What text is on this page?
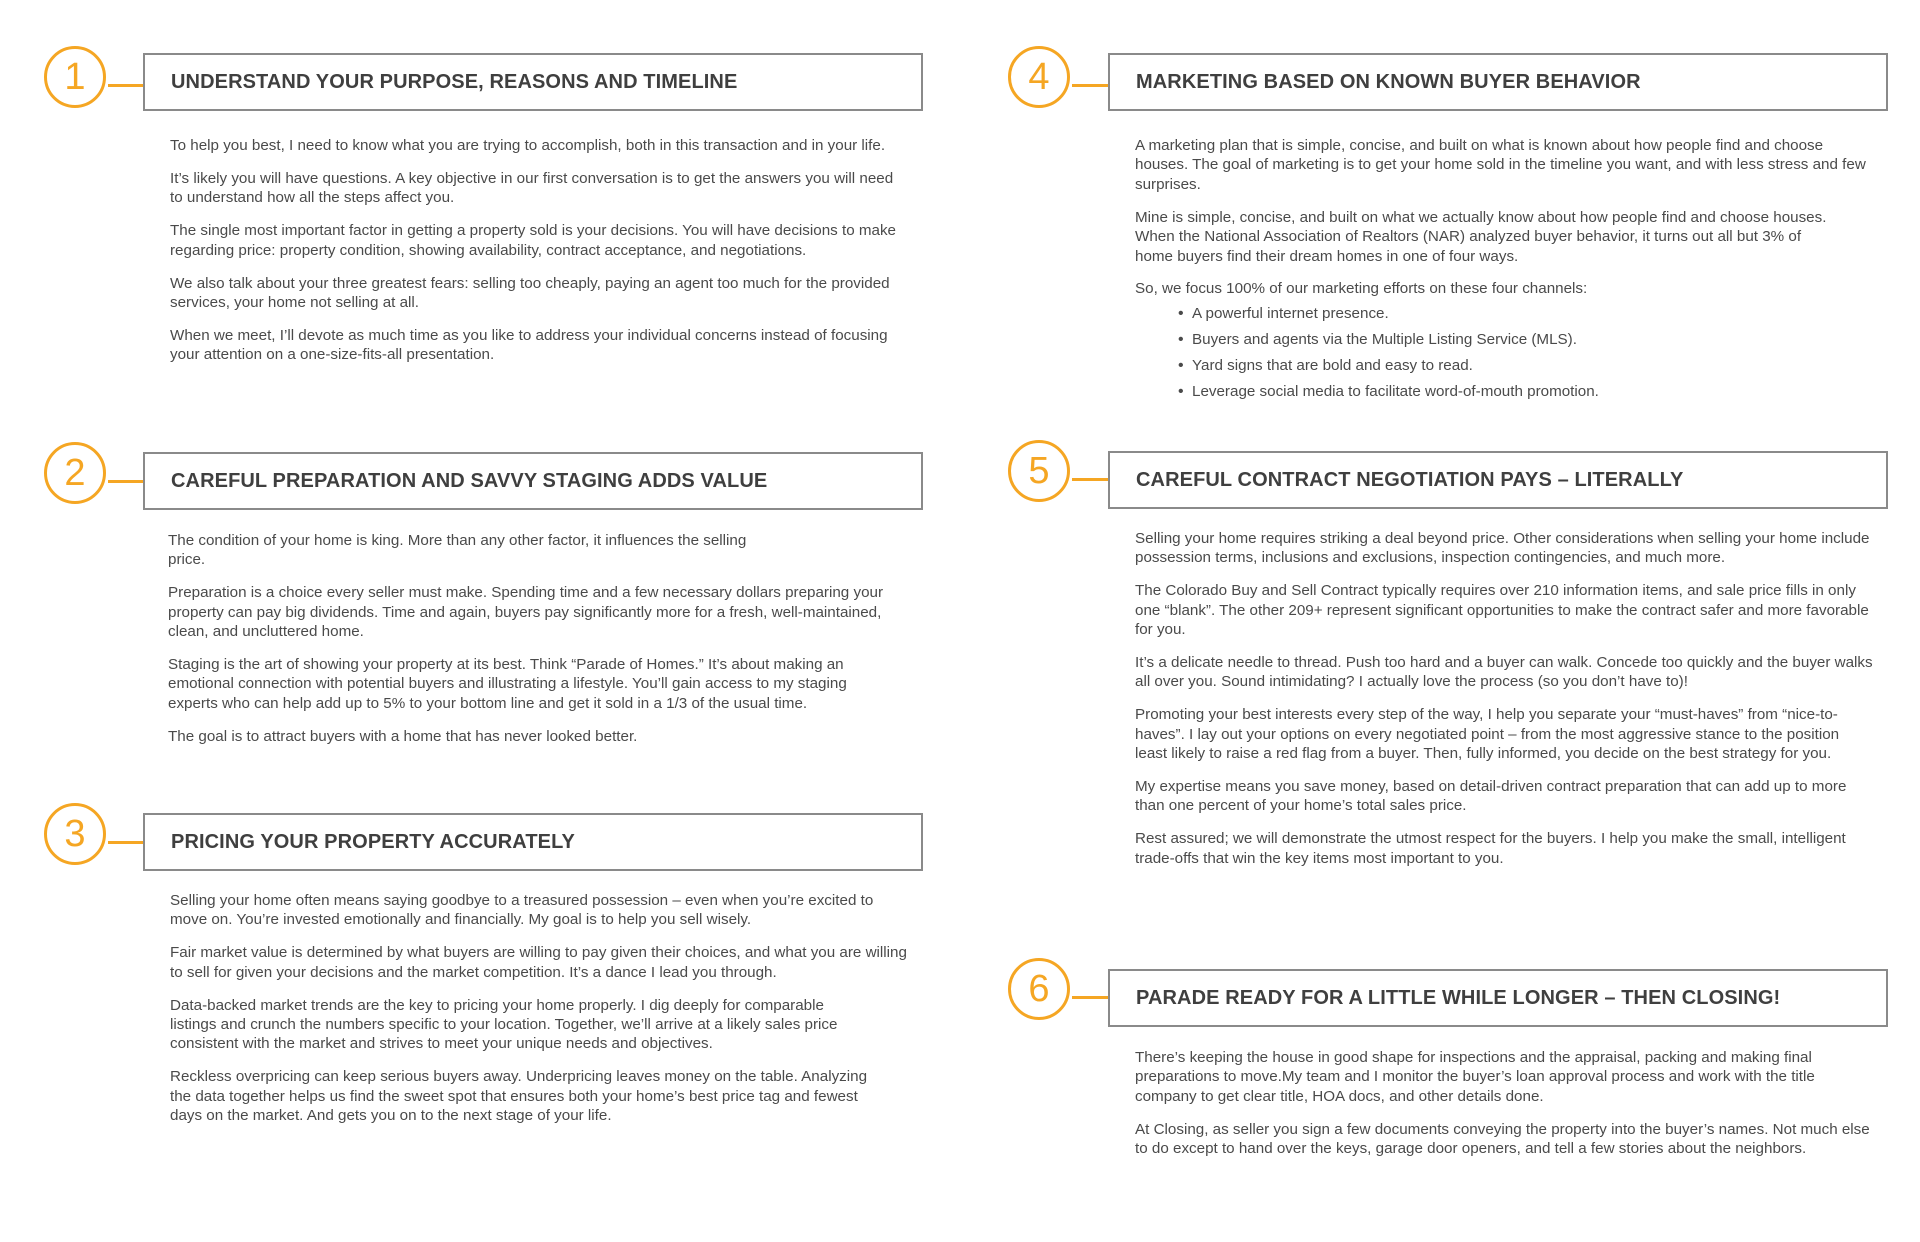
1	UNDERSTAND YOUR PURPOSE, REASONS AND TIMELINE

To help you best, I need to know what you are trying to accomplish, both in this transaction and in your life.

It’s likely you will have questions. A key objective in our first conversation is to get the answers you will need to understand how all the steps affect you.

The single most important factor in getting a property sold is your decisions. You will have decisions to make regarding price: property condition, showing availability, contract acceptance, and negotiations.

We also talk about your three greatest fears: selling too cheaply, paying an agent too much for the provided services, your home not selling at all.

When we meet, I’ll devote as much time as you like to address your individual concerns instead of focusing your attention on a one-size-fits-all presentation.

2	CAREFUL PREPARATION AND SAVVY STAGING ADDS VALUE

The condition of your home is king. More than any other factor, it influences the selling price.

Preparation is a choice every seller must make. Spending time and a few necessary dollars preparing your property can pay big dividends. Time and again, buyers pay significantly more for a fresh, well-maintained, clean, and uncluttered home.

Staging is the art of showing your property at its best. Think “Parade of Homes.” It’s about making an emotional connection with potential buyers and illustrating a lifestyle. You’ll gain access to my staging experts who can help add up to 5% to your bottom line and get it sold in a 1/3 of the usual time.

The goal is to attract buyers with a home that has never looked better.

3	PRICING YOUR PROPERTY ACCURATELY

Selling your home often means saying goodbye to a treasured possession – even when you’re excited to move on. You’re invested emotionally and financially. My goal is to help you sell wisely.

Fair market value is determined by what buyers are willing to pay given their choices, and what you are willing to sell for given your decisions and the market competition. It’s a dance I lead you through.

Data-backed market trends are the key to pricing your home properly. I dig deeply for comparable listings and crunch the numbers specific to your location. Together, we’ll arrive at a likely sales price consistent with the market and strives to meet your unique needs and objectives.

Reckless overpricing can keep serious buyers away. Underpricing leaves money on the table. Analyzing the data together helps us find the sweet spot that ensures both your home’s best price tag and fewest days on the market. And gets you on to the next stage of your life.

4	MARKETING BASED ON KNOWN BUYER BEHAVIOR

A marketing plan that is simple, concise, and built on what is known about how people find and choose houses. The goal of marketing is to get your home sold in the timeline you want, and with less stress and few surprises.

Mine is simple, concise, and built on what we actually know about how people find and choose houses. When the National Association of Realtors (NAR) analyzed buyer behavior, it turns out all but 3% of home buyers find their dream homes in one of four ways.

So, we focus 100% of our marketing efforts on these four channels:

• A powerful internet presence.
• Buyers and agents via the Multiple Listing Service (MLS).
• Yard signs that are bold and easy to read.
• Leverage social media to facilitate word-of-mouth promotion.
5	CAREFUL CONTRACT NEGOTIATION PAYS – LITERALLY

Selling your home requires striking a deal beyond price. Other considerations when selling your home include possession terms, inclusions and exclusions, inspection contingencies, and much more.

The Colorado Buy and Sell Contract typically requires over 210 information items, and sale price fills in only one “blank”. The other 209+ represent significant opportunities to make the contract safer and more favorable for you.

It’s a delicate needle to thread. Push too hard and a buyer can walk. Concede too quickly and the buyer walks all over you. Sound intimidating? I actually love the process (so you don’t have to)!

Promoting your best interests every step of the way, I help you separate your “must-haves” from “nice-to-haves”. I lay out your options on every negotiated point – from the most aggressive stance to the position least likely to raise a red flag from a buyer. Then, fully informed, you decide on the best strategy for you.

My expertise means you save money, based on detail-driven contract preparation that can add up to more than one percent of your home’s total sales price.

Rest assured; we will demonstrate the utmost respect for the buyers. I help you make the small, intelligent trade-offs that win the key items most important to you.

6	PARADE READY FOR A LITTLE WHILE LONGER – THEN CLOSING!

There’s keeping the house in good shape for inspections and the appraisal, packing and making final preparations to move.My team and I monitor the buyer’s loan approval process and work with the title company to get clear title, HOA docs, and other details done.

At Closing, as seller you sign a few documents conveying the property into the buyer’s names. Not much else to do except to hand over the keys, garage door openers, and tell a few stories about the neighbors.
